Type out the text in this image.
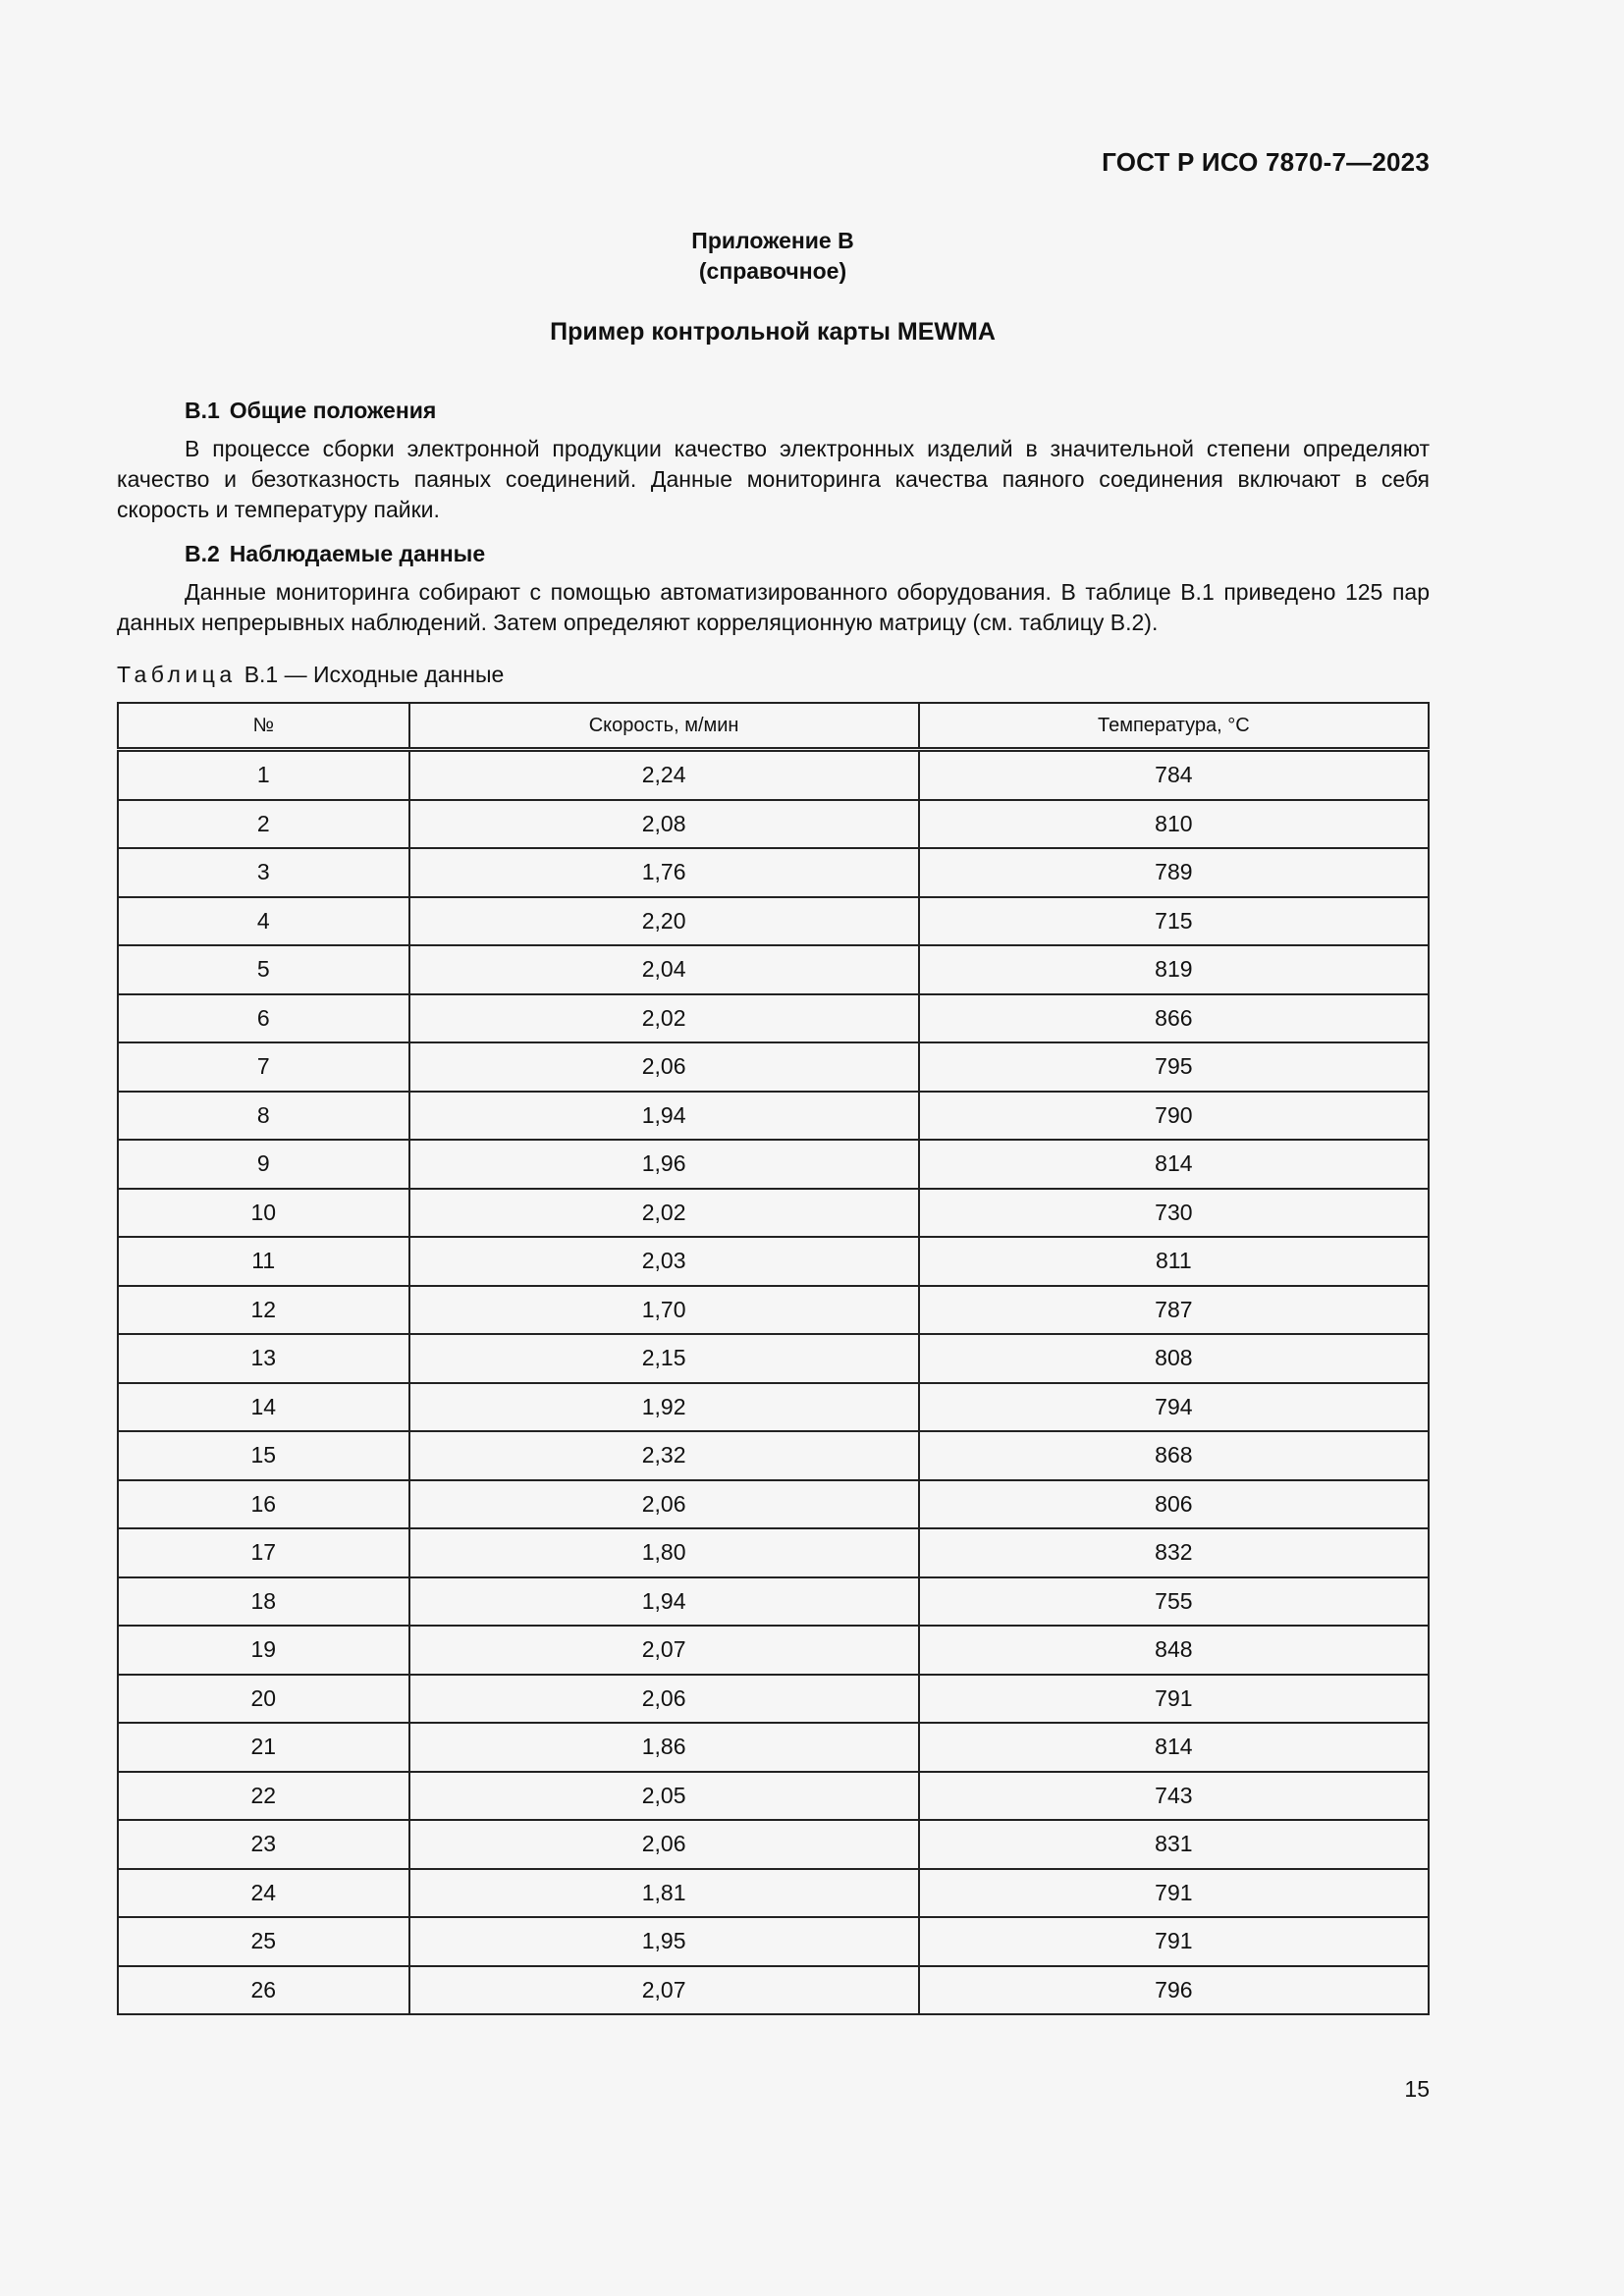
ГОСТ Р ИСО 7870-7—2023
Приложение В
(справочное)
Пример контрольной карты MEWMA
В.1 Общие положения
В процессе сборки электронной продукции качество электронных изделий в значительной степени определяют качество и безотказность паяных соединений. Данные мониторинга качества паяного соединения включают в себя скорость и температуру пайки.
В.2 Наблюдаемые данные
Данные мониторинга собирают с помощью автоматизированного оборудования. В таблице В.1 приведено 125 пар данных непрерывных наблюдений. Затем определяют корреляционную матрицу (см. таблицу В.2).
Таблица В.1 — Исходные данные
№	Скорость, м/мин	Температура, °C
1	2,24	784
2	2,08	810
3	1,76	789
4	2,20	715
5	2,04	819
6	2,02	866
7	2,06	795
8	1,94	790
9	1,96	814
10	2,02	730
11	2,03	811
12	1,70	787
13	2,15	808
14	1,92	794
15	2,32	868
16	2,06	806
17	1,80	832
18	1,94	755
19	2,07	848
20	2,06	791
21	1,86	814
22	2,05	743
23	2,06	831
24	1,81	791
25	1,95	791
26	2,07	796
15
